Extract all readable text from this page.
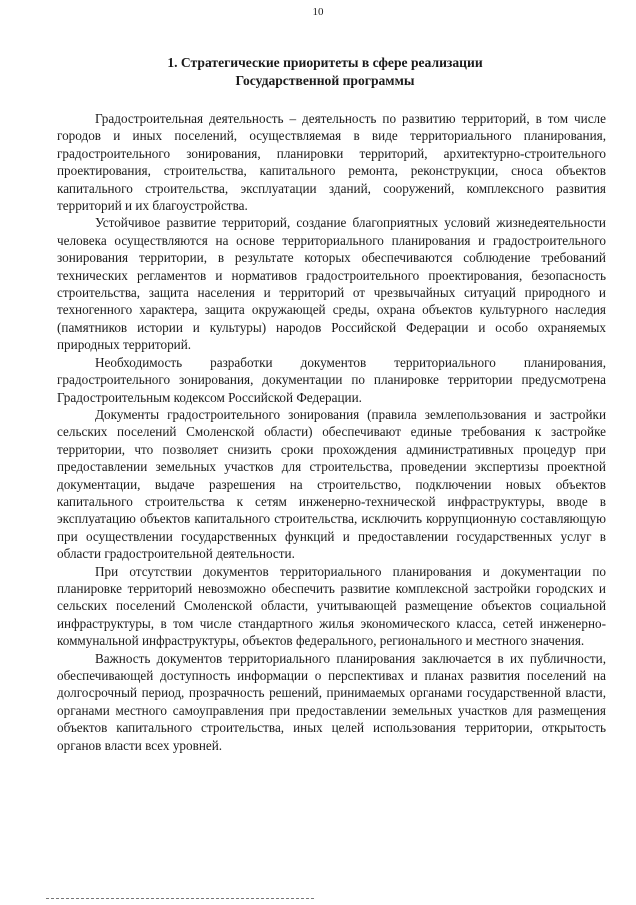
10
1. Стратегические приоритеты в сфере реализации
Государственной программы

Градостроительная деятельность – деятельность по развитию территорий, в том числе городов и иных поселений, осуществляемая в виде территориального планирования, градостроительного зонирования, планировки территорий, архитектурно-строительного проектирования, строительства, капитального ремонта, реконструкции, сноса объектов капитального строительства, эксплуатации зданий, сооружений, комплексного развития территорий и их благоустройства.

Устойчивое развитие территорий, создание благоприятных условий жизнедеятельности человека осуществляются на основе территориального планирования и градостроительного зонирования территории, в результате которых обеспечиваются соблюдение требований технических регламентов и нормативов градостроительного проектирования, безопасность строительства, защита населения и территорий от чрезвычайных ситуаций природного и техногенного характера, защита окружающей среды, охрана объектов культурного наследия (памятников истории и культуры) народов Российской Федерации и особо охраняемых природных территорий.

Необходимость разработки документов территориального планирования, градостроительного зонирования, документации по планировке территории предусмотрена Градостроительным кодексом Российской Федерации.

Документы градостроительного зонирования (правила землепользования и застройки сельских поселений Смоленской области) обеспечивают единые требования к застройке территории, что позволяет снизить сроки прохождения административных процедур при предоставлении земельных участков для строительства, проведении экспертизы проектной документации, выдаче разрешения на строительство, подключении новых объектов капитального строительства к сетям инженерно-технической инфраструктуры, вводе в эксплуатацию объектов капитального строительства, исключить коррупционную составляющую при осуществлении государственных функций и предоставлении государственных услуг в области градостроительной деятельности.

При отсутствии документов территориального планирования и документации по планировке территорий невозможно обеспечить развитие комплексной застройки городских и сельских поселений Смоленской области, учитывающей размещение объектов социальной инфраструктуры, в том числе стандартного жилья экономического класса, сетей инженерно-коммунальной инфраструктуры, объектов федерального, регионального и местного значения.

Важность документов территориального планирования заключается в их публичности, обеспечивающей доступность информации о перспективах и планах развития поселений на долгосрочный период, прозрачность решений, принимаемых органами государственной власти, органами местного самоуправления при предоставлении земельных участков для размещения объектов капитального строительства, иных целей использования территории, открытость органов власти всех уровней.
